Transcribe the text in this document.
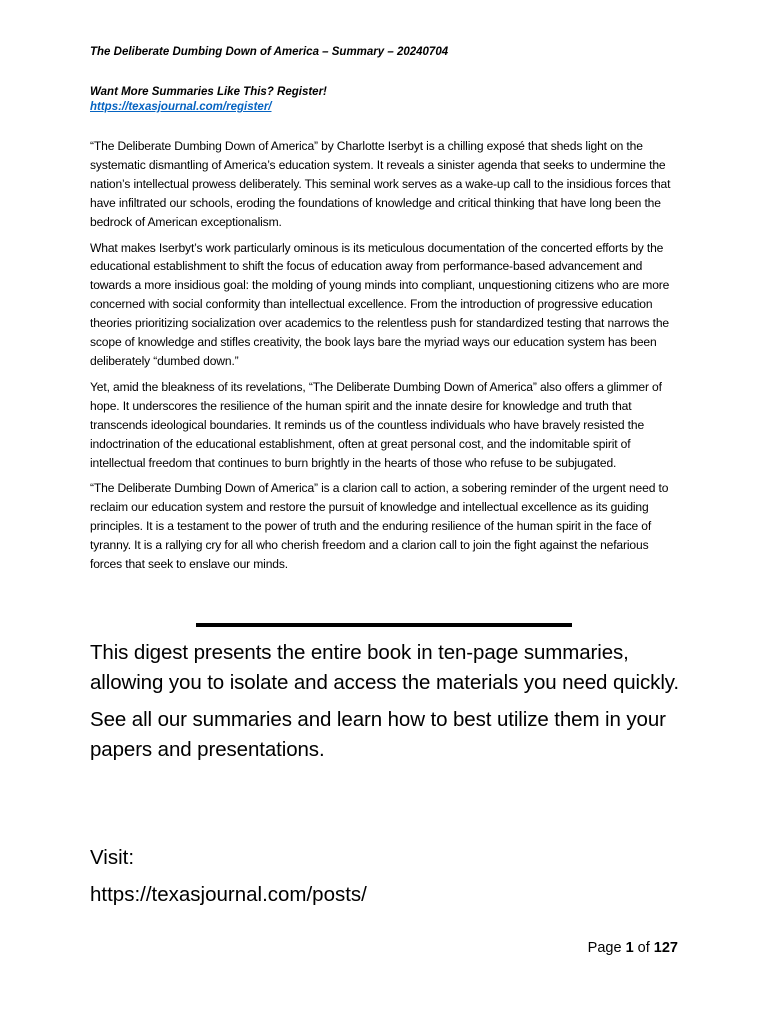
The Deliberate Dumbing Down of America – Summary – 20240704
Want More Summaries Like This? Register!
https://texasjournal.com/register/

“The Deliberate Dumbing Down of America” by Charlotte Iserbyt is a chilling exposé that sheds light on the systematic dismantling of America’s education system. It reveals a sinister agenda that seeks to undermine the nation’s intellectual prowess deliberately. This seminal work serves as a wake-up call to the insidious forces that have infiltrated our schools, eroding the foundations of knowledge and critical thinking that have long been the bedrock of American exceptionalism.

What makes Iserbyt’s work particularly ominous is its meticulous documentation of the concerted efforts by the educational establishment to shift the focus of education away from performance-based advancement and towards a more insidious goal: the molding of young minds into compliant, unquestioning citizens who are more concerned with social conformity than intellectual excellence. From the introduction of progressive education theories prioritizing socialization over academics to the relentless push for standardized testing that narrows the scope of knowledge and stifles creativity, the book lays bare the myriad ways our education system has been deliberately “dumbed down.”

Yet, amid the bleakness of its revelations, “The Deliberate Dumbing Down of America” also offers a glimmer of hope. It underscores the resilience of the human spirit and the innate desire for knowledge and truth that transcends ideological boundaries. It reminds us of the countless individuals who have bravely resisted the indoctrination of the educational establishment, often at great personal cost, and the indomitable spirit of intellectual freedom that continues to burn brightly in the hearts of those who refuse to be subjugated.

“The Deliberate Dumbing Down of America” is a clarion call to action, a sobering reminder of the urgent need to reclaim our education system and restore the pursuit of knowledge and intellectual excellence as its guiding principles. It is a testament to the power of truth and the enduring resilience of the human spirit in the face of tyranny. It is a rallying cry for all who cherish freedom and a clarion call to join the fight against the nefarious forces that seek to enslave our minds.

This digest presents the entire book in ten-page summaries, allowing you to isolate and access the materials you need quickly.

See all our summaries and learn how to best utilize them in your papers and presentations.

Visit:
https://texasjournal.com/posts/
Page 1 of 127
